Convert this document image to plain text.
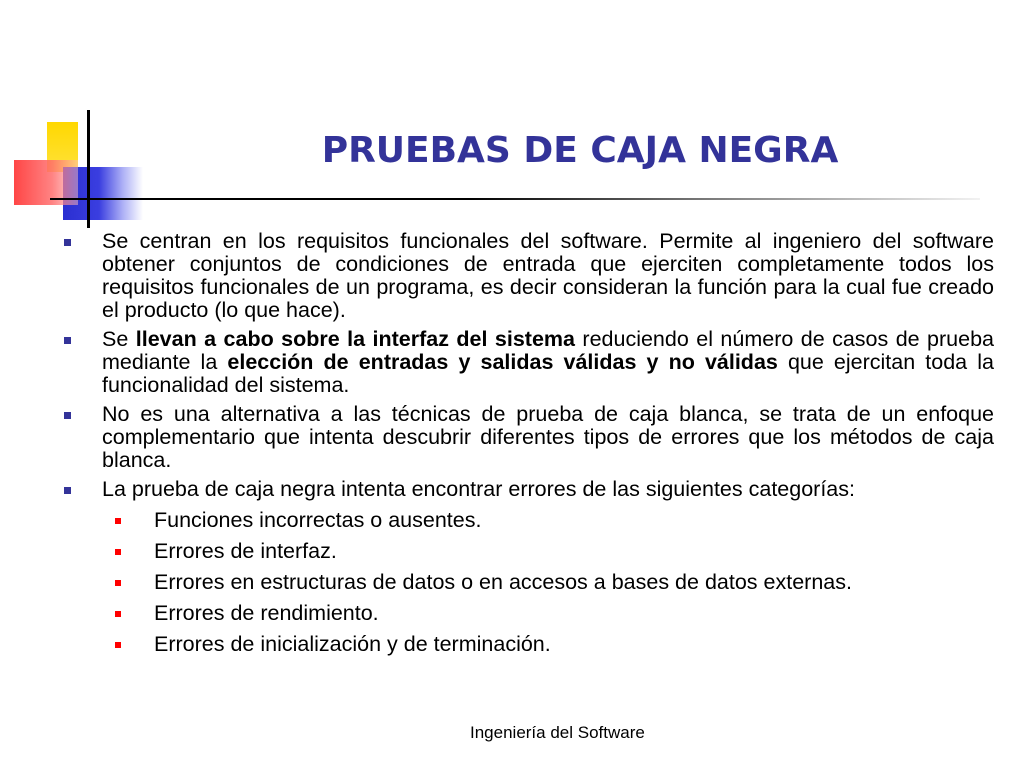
PRUEBAS DE CAJA NEGRA
Se centran en los requisitos funcionales del software. Permite al ingeniero del software obtener conjuntos de condiciones de entrada que ejerciten completamente todos los requisitos funcionales de un programa, es decir consideran la función para la cual fue creado el producto (lo que hace).
Se llevan a cabo sobre la interfaz del sistema reduciendo el número de casos de prueba mediante la elección de entradas y salidas válidas y no válidas que ejercitan toda la funcionalidad del sistema.
No es una alternativa a las técnicas de prueba de caja blanca, se trata de un enfoque complementario que intenta descubrir diferentes tipos de errores que los métodos de caja blanca.
La prueba de caja negra intenta encontrar errores de las siguientes categorías:
Funciones incorrectas o ausentes.
Errores de interfaz.
Errores en estructuras de datos o en accesos a bases de datos externas.
Errores de rendimiento.
Errores de inicialización y de terminación.
Ingeniería del Software
